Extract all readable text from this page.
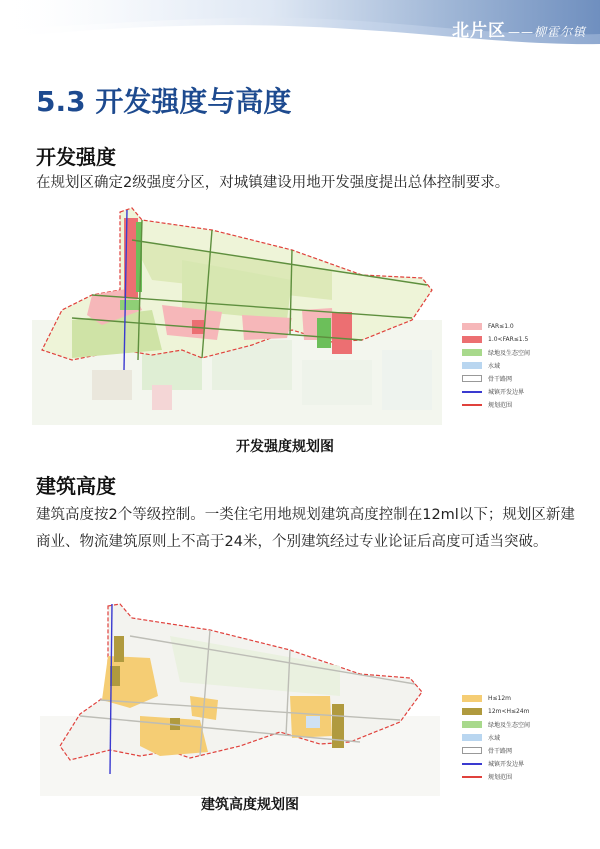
北片区 ——柳霍尔镇
5.3 开发强度与高度
开发强度
在规划区确定2级强度分区，对城镇建设用地开发强度提出总体控制要求。
FAR≤1.0
1.0<FAR≤1.5
绿地及生态空间
水域
骨干路网
城镇开发边界
规划范围
开发强度规划图
建筑高度
建筑高度按2个等级控制。一类住宅用地规划建筑高度控制在12ml以下；规划区新建商业、物流建筑原则上不高于24米，个别建筑经过专业论证后高度可适当突破。
H≤12m
12m<H≤24m
绿地及生态空间
水域
骨干路网
城镇开发边界
规划范围
建筑高度规划图
